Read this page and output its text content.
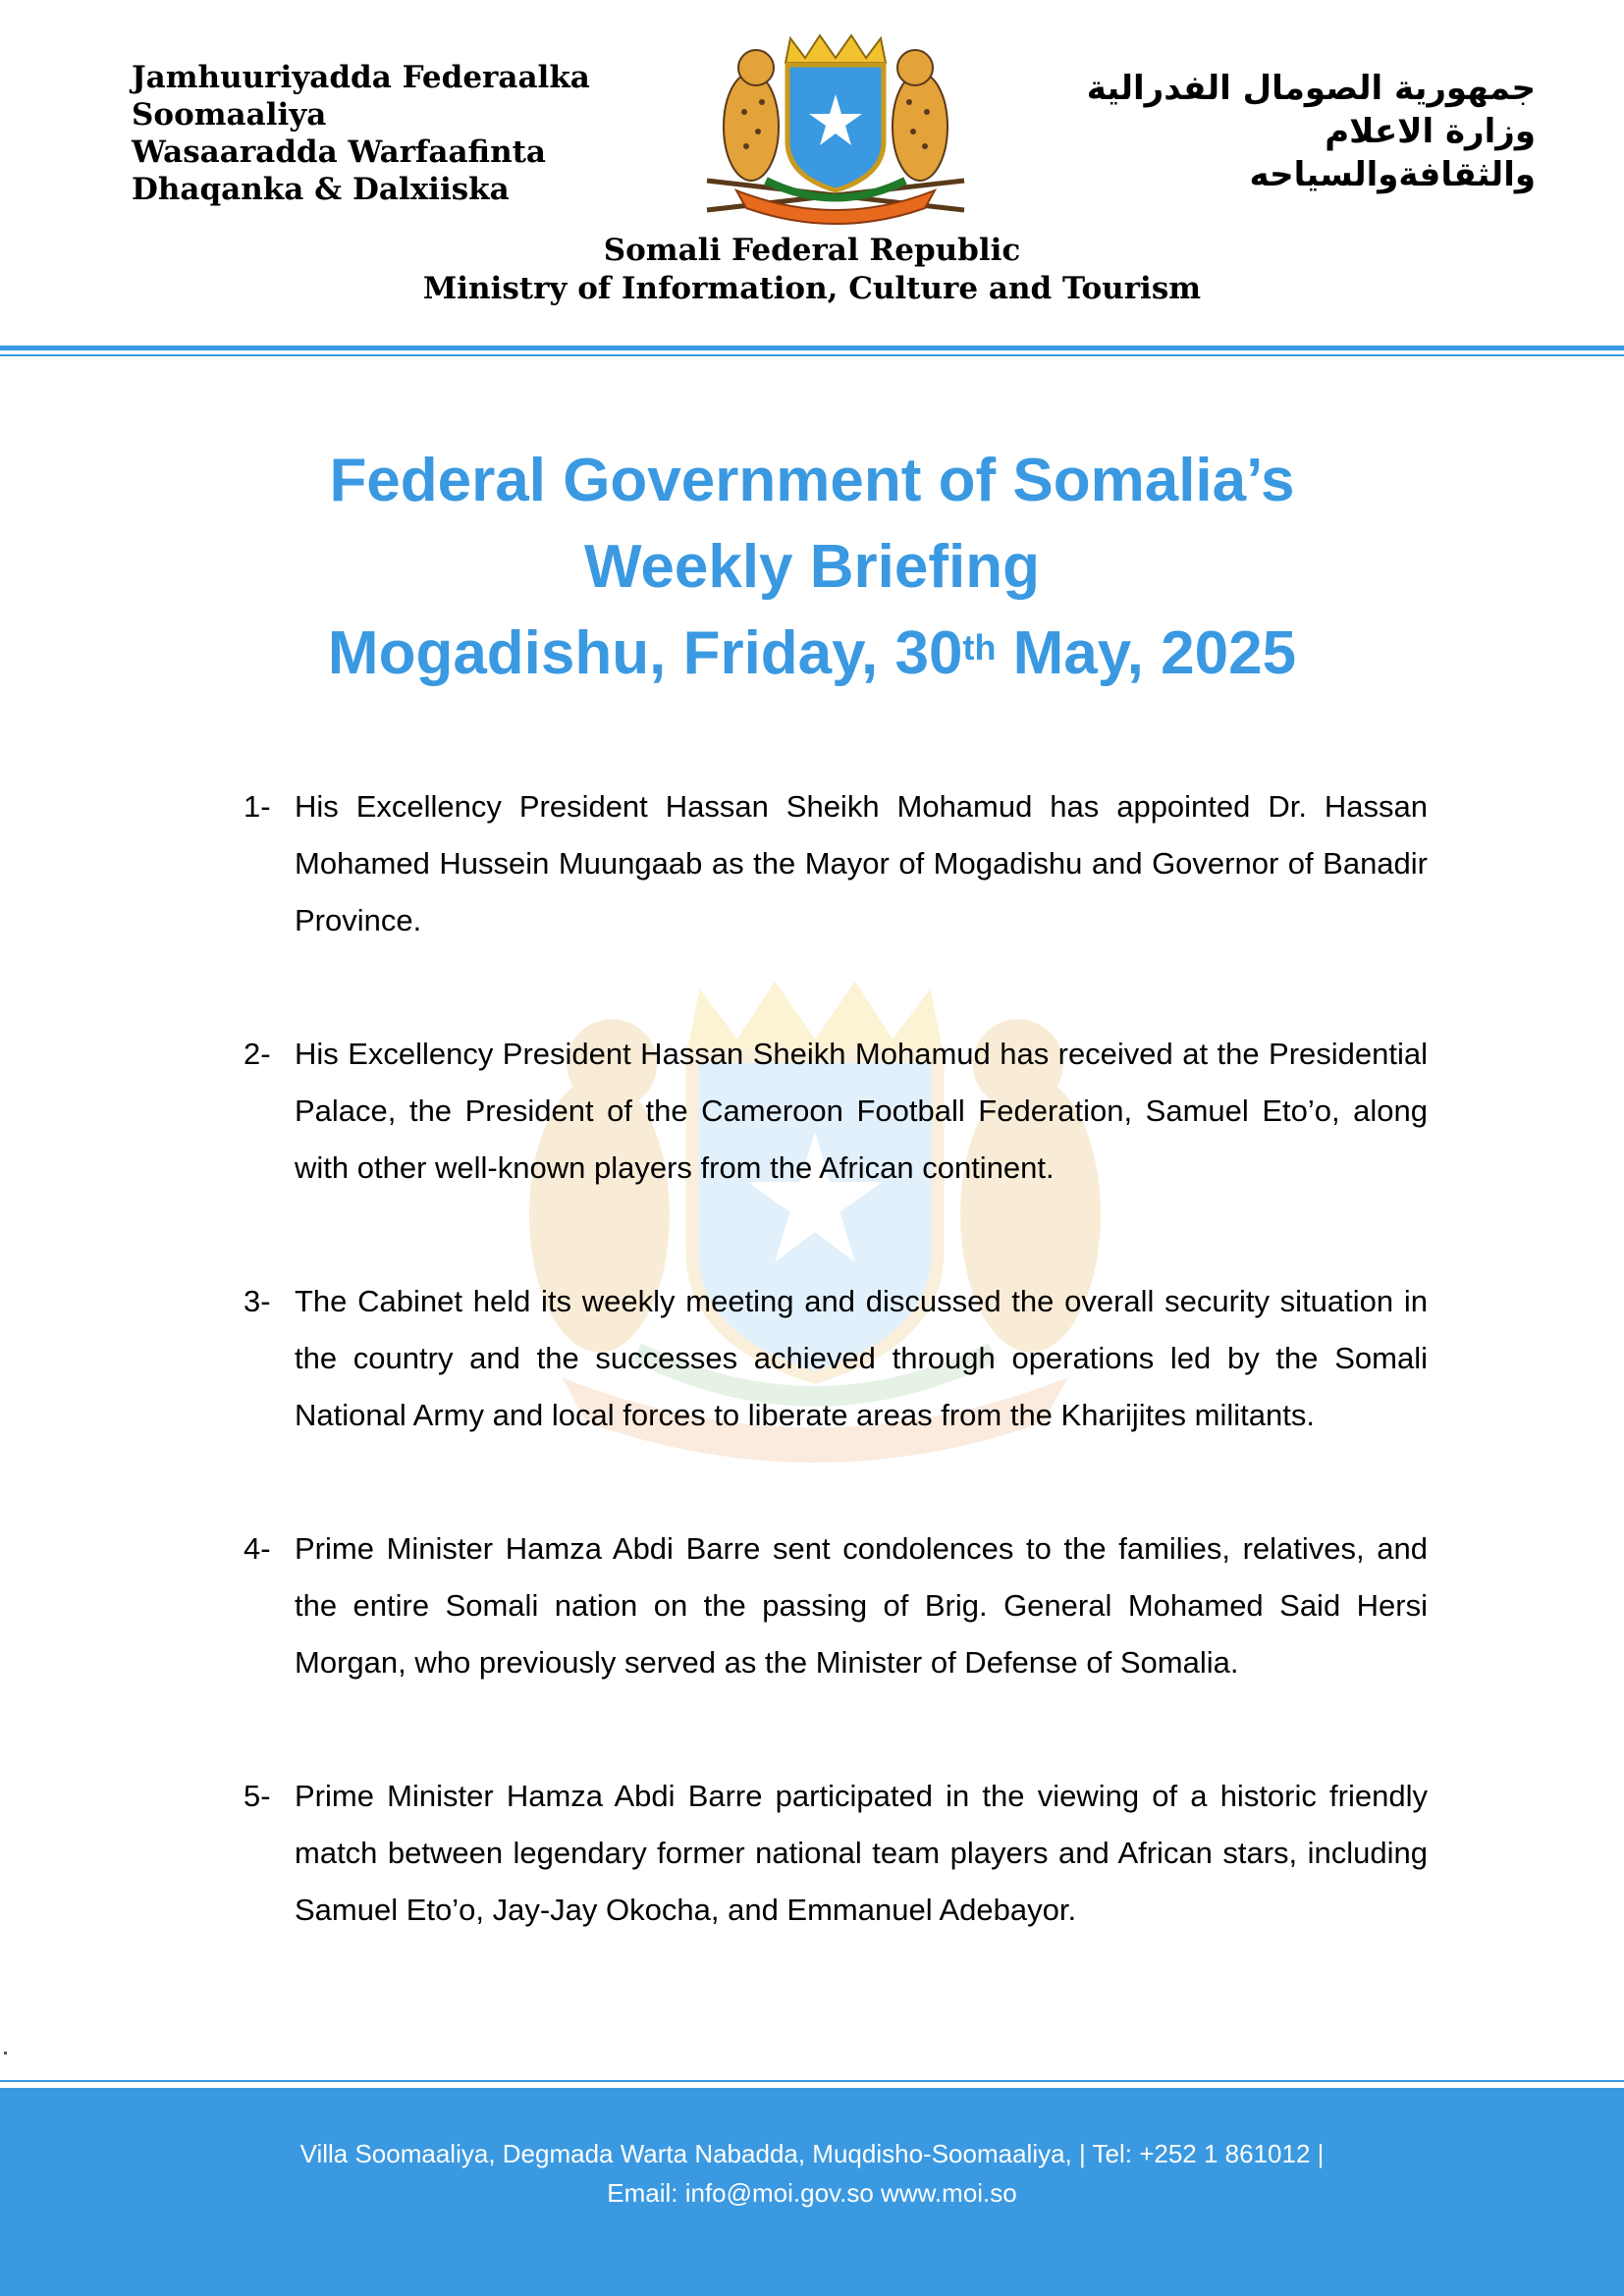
Jamhuuriyadda Federaalka
Soomaaliya
Wasaaradda Warfaafinta
Dhaqanka & Dalxiiska
جمهورية الصومال الفدرالية
وزارة الاعلام
والثقافةوالسياحه
Somali Federal Republic
Ministry of Information, Culture and Tourism
Federal Government of Somalia’s
Weekly Briefing
Mogadishu, Friday, 30th May, 2025
1- His Excellency President Hassan Sheikh Mohamud has appointed Dr. Hassan Mohamed Hussein Muungaab as the Mayor of Mogadishu and Governor of Banadir Province.
2- His Excellency President Hassan Sheikh Mohamud has received at the Presidential Palace, the President of the Cameroon Football Federation, Samuel Eto’o, along with other well-known players from the African continent.
3- The Cabinet held its weekly meeting and discussed the overall security situation in the country and the successes achieved through operations led by the Somali National Army and local forces to liberate areas from the Kharijites militants.
4- Prime Minister Hamza Abdi Barre sent condolences to the families, relatives, and the entire Somali nation on the passing of Brig. General Mohamed Said Hersi Morgan, who previously served as the Minister of Defense of Somalia.
5- Prime Minister Hamza Abdi Barre participated in the viewing of a historic friendly match between legendary former national team players and African stars, including Samuel Eto’o, Jay-Jay Okocha, and Emmanuel Adebayor.
Villa Soomaaliya, Degmada Warta Nabadda, Muqdisho-Soomaaliya, | Tel: +252 1 861012 |
Email: info@moi.gov.so www.moi.so
